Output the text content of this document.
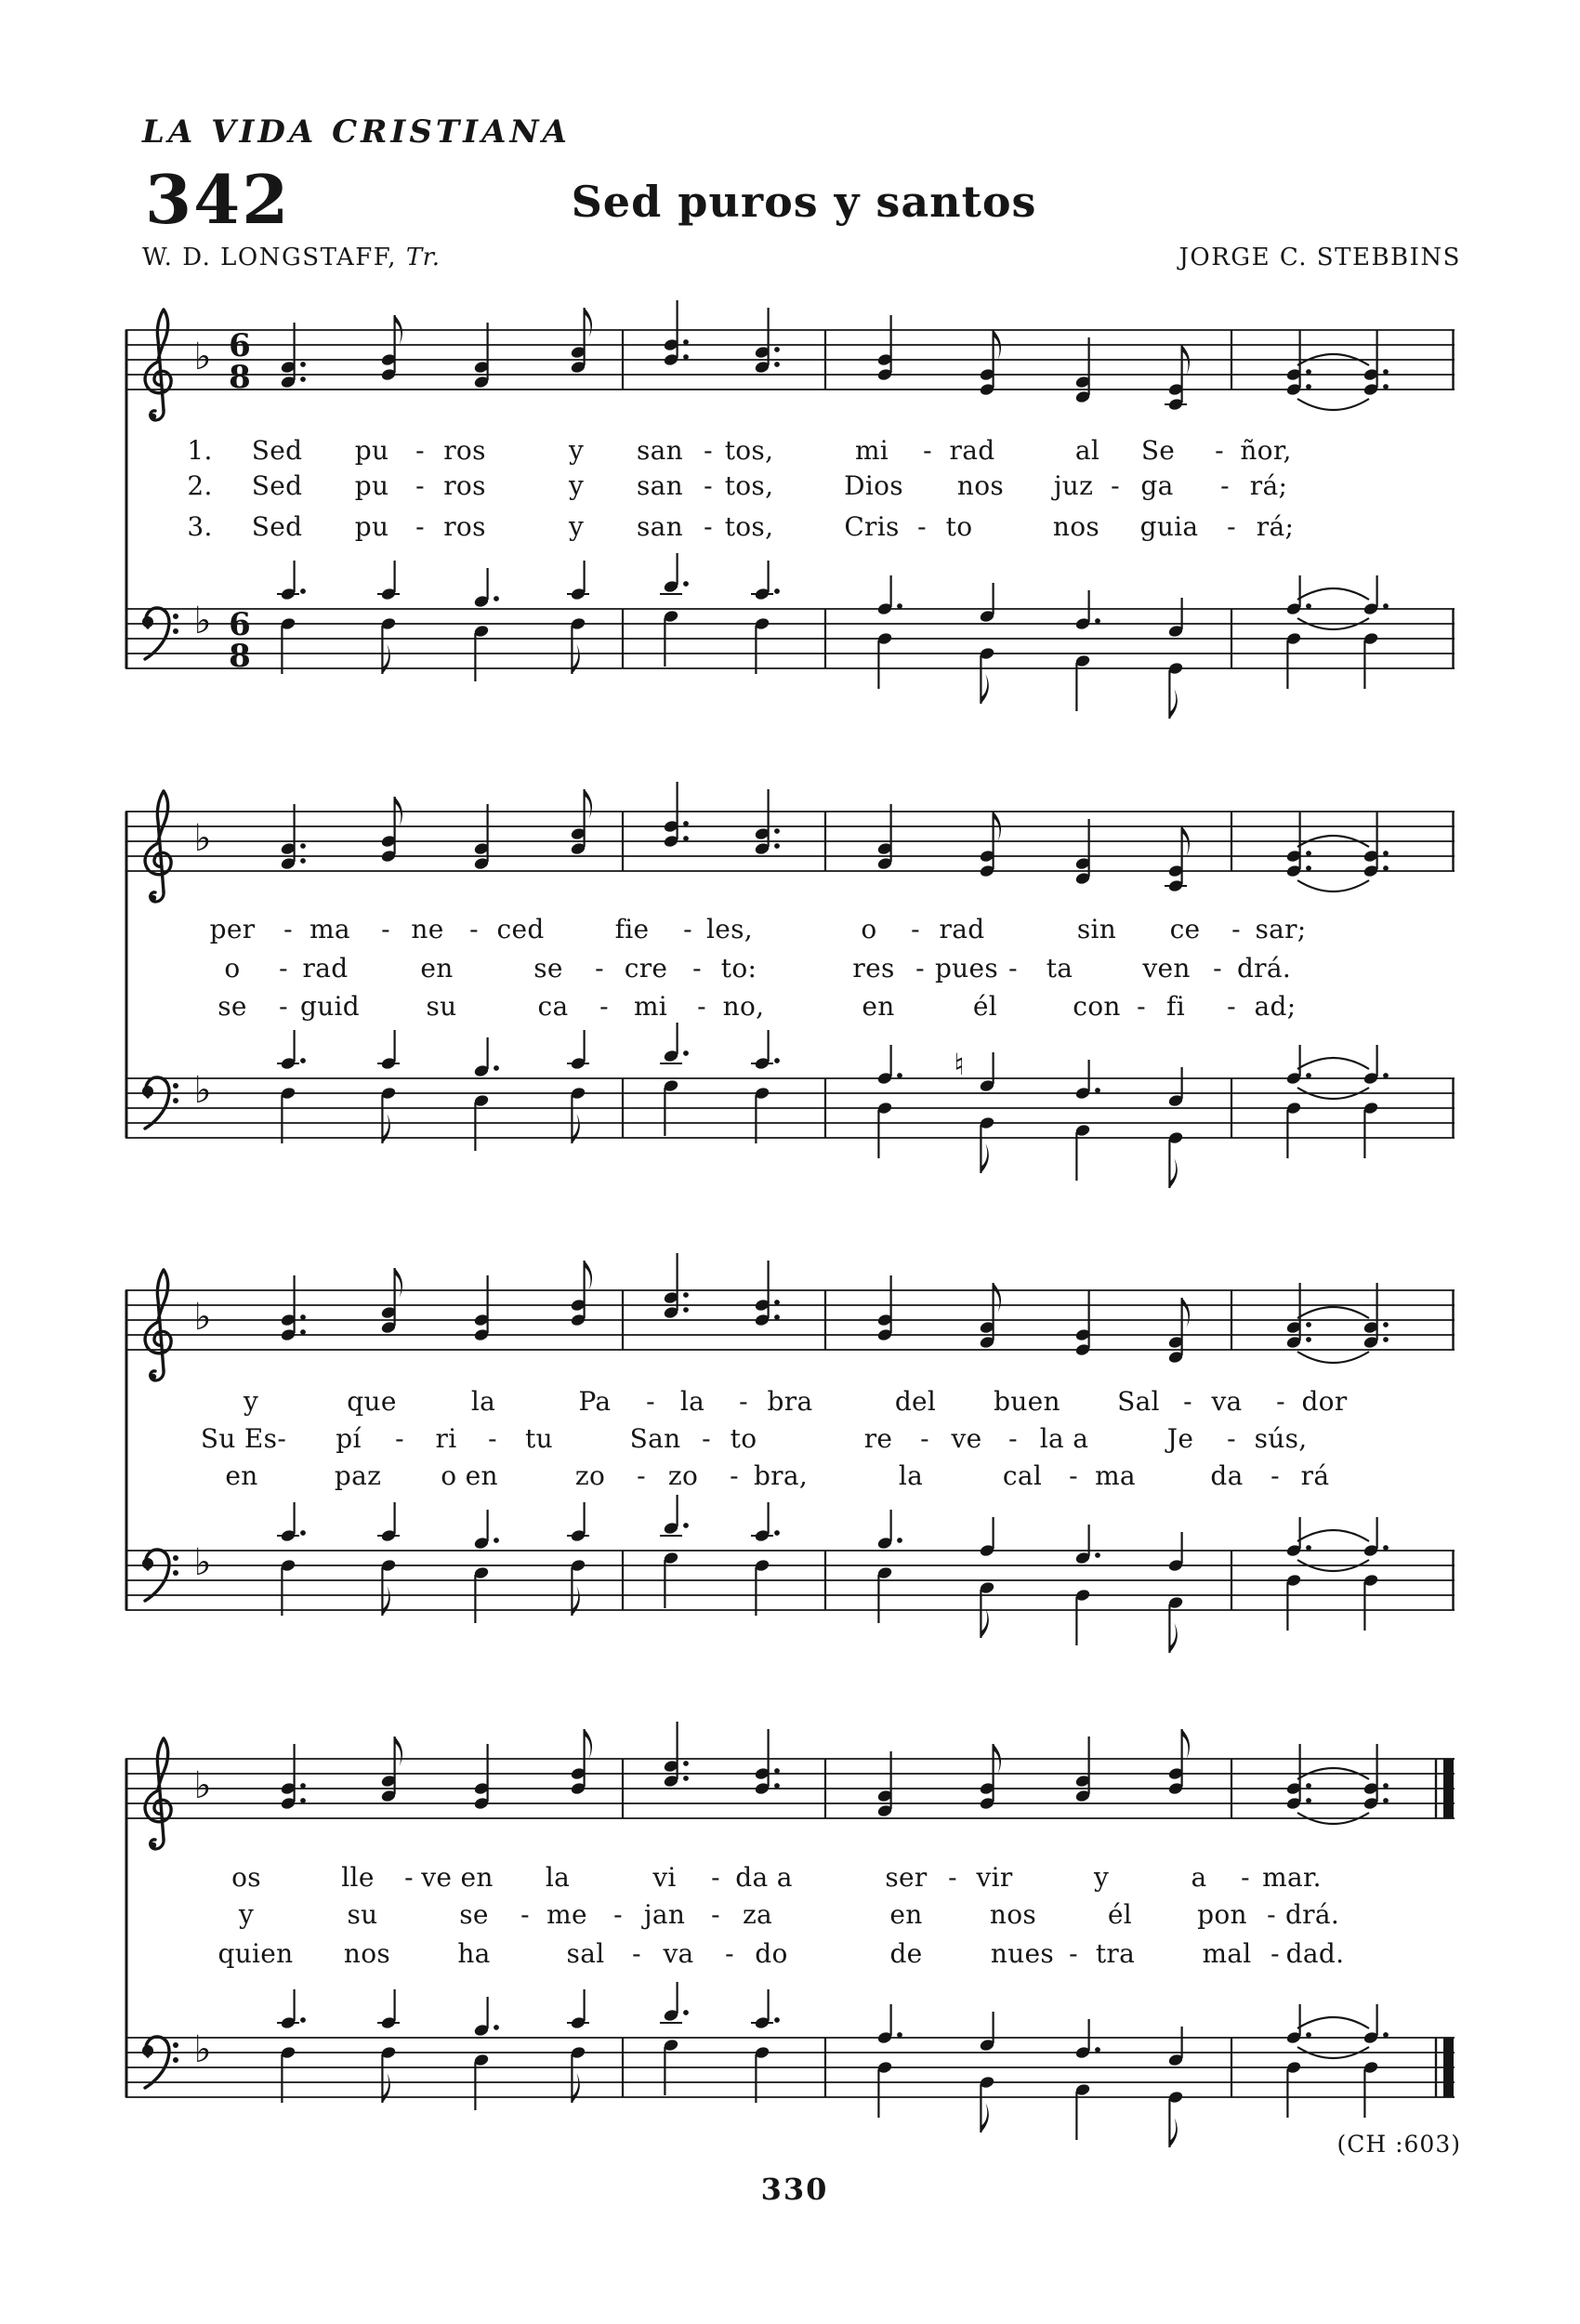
LA VIDA CRISTIANA
342	Sed puros y santos
W. D. LONGSTAFF, Tr.	JORGE C. STEBBINS
♭ 6
8
♭ 6
8
♭
♭
♮
♭
♭
♭
♭
1. Sed pu - ros	y san - tos,	mi - rad	al Se - ñor,
2. Sed pu - ros	y san - tos,	Dios nos juz - ga - rá;
3. Sed pu - ros	y san - tos,	Cris - to	nos guia - rá;
per - ma - ne - ced	fie - les,	o - rad	sin ce - sar;
o - rad	en	se - cre - to:	res - pues - ta	ven - drá.
se - guid	su	ca - mi - no,	en	él	con - fi - ad;
y	que	la	Pa - la - bra	del buen Sal - va - dor
Su Es- pí - ri - tu	San - to	re - ve - la a	Je - sús,
en	paz o en	zo - zo - bra,	la	cal - ma	da - rá
os	lle - ve en la	vi - da a	ser - vir	y	a - mar.
y	su	se - me - jan - za	en	nos	él	pon - drá.
quien nos	ha	sal - va - do	de	nues - tra	mal - dad.
(CH :603)
330
